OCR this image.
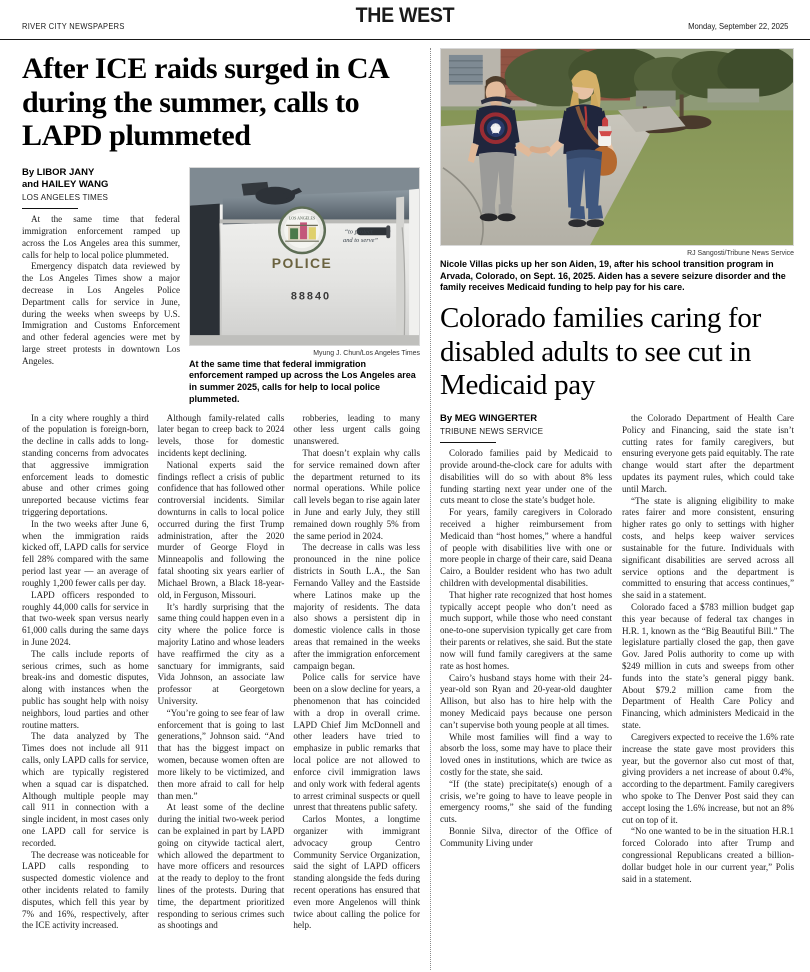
RIVER CITY NEWSPAPERS	THE WEST	Monday, September 22, 2025
After ICE raids surged in CA during the summer, calls to LAPD plummeted
By LIBOR JANY
and HAILEY WANG
LOS ANGELES TIMES

At the same time that federal immigration enforcement ramped up across the Los Angeles area this summer, calls for help to local police plummeted.

Emergency dispatch data reviewed by the Los Angeles Times show a major decrease in Los Angeles Police Department calls for service in June, during the weeks when sweeps by U.S. Immigration and Customs Enforcement and other federal agencies were met by large street protests in downtown Los Angeles.

LOS ANGELES
POLICE
“to protect
and to serve”
88840
Myung J. Chun/Los Angeles Times
At the same time that federal immigration enforcement ramped up across the Los Angeles area in summer 2025, calls for help to local police plummeted.

In a city where roughly a third of the population is foreign-born, the decline in calls adds to long-standing concerns from advocates that aggressive immigration enforcement leads to domestic abuse and other crimes going unreported because victims fear triggering deportations.

In the two weeks after June 6, when the immigration raids kicked off, LAPD calls for service fell 28% compared with the same period last year — an average of roughly 1,200 fewer calls per day.

LAPD officers responded to roughly 44,000 calls for service in that two-week span versus nearly 61,000 calls during the same days in June 2024.

The calls include reports of serious crimes, such as home break-ins and domestic disputes, along with instances when the public has sought help with noisy neighbors, loud parties and other routine matters.

The data analyzed by The Times does not include all 911 calls, only LAPD calls for service, which are typically registered when a squad car is dispatched. Although multiple people may call 911 in connection with a single incident, in most cases only one LAPD call for service is recorded.

The decrease was noticeable for LAPD calls responding to suspected domestic violence and other incidents related to family disputes, which fell this year by 7% and 16%, respectively, after the ICE activity increased.

Although family-related calls later began to creep back to 2024 levels, those for domestic incidents kept declining.

National experts said the findings reflect a crisis of public confidence that has followed other controversial incidents. Similar downturns in calls to local police occurred during the first Trump administration, after the 2020 murder of George Floyd in Minneapolis and following the fatal shooting six years earlier of Michael Brown, a Black 18-year-old, in Ferguson, Missouri.

It’s hardly surprising that the same thing could happen even in a city where the police force is majority Latino and whose leaders have reaffirmed the city as a sanctuary for immigrants, said Vida Johnson, an associate law professor at Georgetown University.

“You’re going to see fear of law enforcement that is going to last generations,” Johnson said. “And that has the biggest impact on women, because women often are more likely to be victimized, and then more afraid to call for help than men.”

At least some of the decline during the initial two-week period can be explained in part by LAPD going on citywide tactical alert, which allowed the department to have more officers and resources at the ready to deploy to the front lines of the protests. During that time, the department prioritized responding to serious crimes such as shootings and

robberies, leading to many other less urgent calls going unanswered.

That doesn’t explain why calls for service remained down after the department returned to its normal operations. While police call levels began to rise again later in June and early July, they still remained down roughly 5% from the same period in 2024.

The decrease in calls was less pronounced in the nine police districts in South L.A., the San Fernando Valley and the Eastside where Latinos make up the majority of residents. The data also shows a persistent dip in domestic violence calls in those areas that remained in the weeks after the immigration enforcement campaign began.

Police calls for service have been on a slow decline for years, a phenomenon that has coincided with a drop in overall crime. LAPD Chief Jim McDonnell and other leaders have tried to emphasize in public remarks that local police are not allowed to enforce civil immigration laws and only work with federal agents to arrest criminal suspects or quell unrest that threatens public safety.

Carlos Montes, a longtime organizer with immigrant advocacy group Centro Community Service Organization, said the sight of LAPD officers standing alongside the feds during recent operations has ensured that even more Angelenos will think twice about calling the police for help.

RJ Sangosti/Tribune News Service
Nicole Villas picks up her son Aiden, 19, after his school transition program in Arvada, Colorado, on Sept. 16, 2025. Aiden has a severe seizure disorder and the family receives Medicaid funding to help pay for his care.
Colorado families caring for disabled adults to see cut in Medicaid pay
By MEG WINGERTER
TRIBUNE NEWS SERVICE

Colorado families paid by Medicaid to provide around-the-clock care for adults with disabilities will do so with about 8% less funding starting next year under one of the cuts meant to close the state’s budget hole.

For years, family caregivers in Colorado received a higher reimbursement from Medicaid than “host homes,” where a handful of people with disabilities live with one or more people in charge of their care, said Deana Cairo, a Boulder resident who has two adult children with developmental disabilities.

That higher rate recognized that host homes typically accept people who don’t need as much support, while those who need constant one-to-one supervision typically get care from their parents or relatives, she said. But the state now will fund family caregivers at the same rate as host homes.

Cairo’s husband stays home with their 24-year-old son Ryan and 20-year-old daughter Allison, but also has to hire help with the money Medicaid pays because one person can’t supervise both young people at all times.

While most families will find a way to absorb the loss, some may have to place their loved ones in institutions, which are twice as costly for the state, she said.

“If (the state) precipitate(s) enough of a crisis, we’re going to have to leave people in emergency rooms,” she said of the funding cuts.

Bonnie Silva, director of the Office of Community Living under

the Colorado Department of Health Care Policy and Financing, said the state isn’t cutting rates for family caregivers, but ensuring everyone gets paid equitably. The rate change would start after the department updates its payment rules, which could take until March.

“The state is aligning eligibility to make rates fairer and more consistent, ensuring higher rates go only to settings with higher costs, and helps keep waiver services sustainable for the future. Individuals with significant disabilities are served across all service options and the department is committed to ensuring that access continues,” she said in a statement.

Colorado faced a $783 million budget gap this year because of federal tax changes in H.R. 1, known as the “Big Beautiful Bill.” The legislature partially closed the gap, then gave Gov. Jared Polis authority to come up with $249 million in cuts and sweeps from other funds into the state’s general piggy bank. About $79.2 million came from the Department of Health Care Policy and Financing, which administers Medicaid in the state.

Caregivers expected to receive the 1.6% rate increase the state gave most providers this year, but the governor also cut most of that, giving providers a net increase of about 0.4%, according to the department. Family caregivers who spoke to The Denver Post said they can accept losing the 1.6% increase, but not an 8% cut on top of it.

“No one wanted to be in the situation H.R.1 forced Colorado into after Trump and congressional Republicans created a billion-dollar budget hole in our current year,” Polis said in a statement.
